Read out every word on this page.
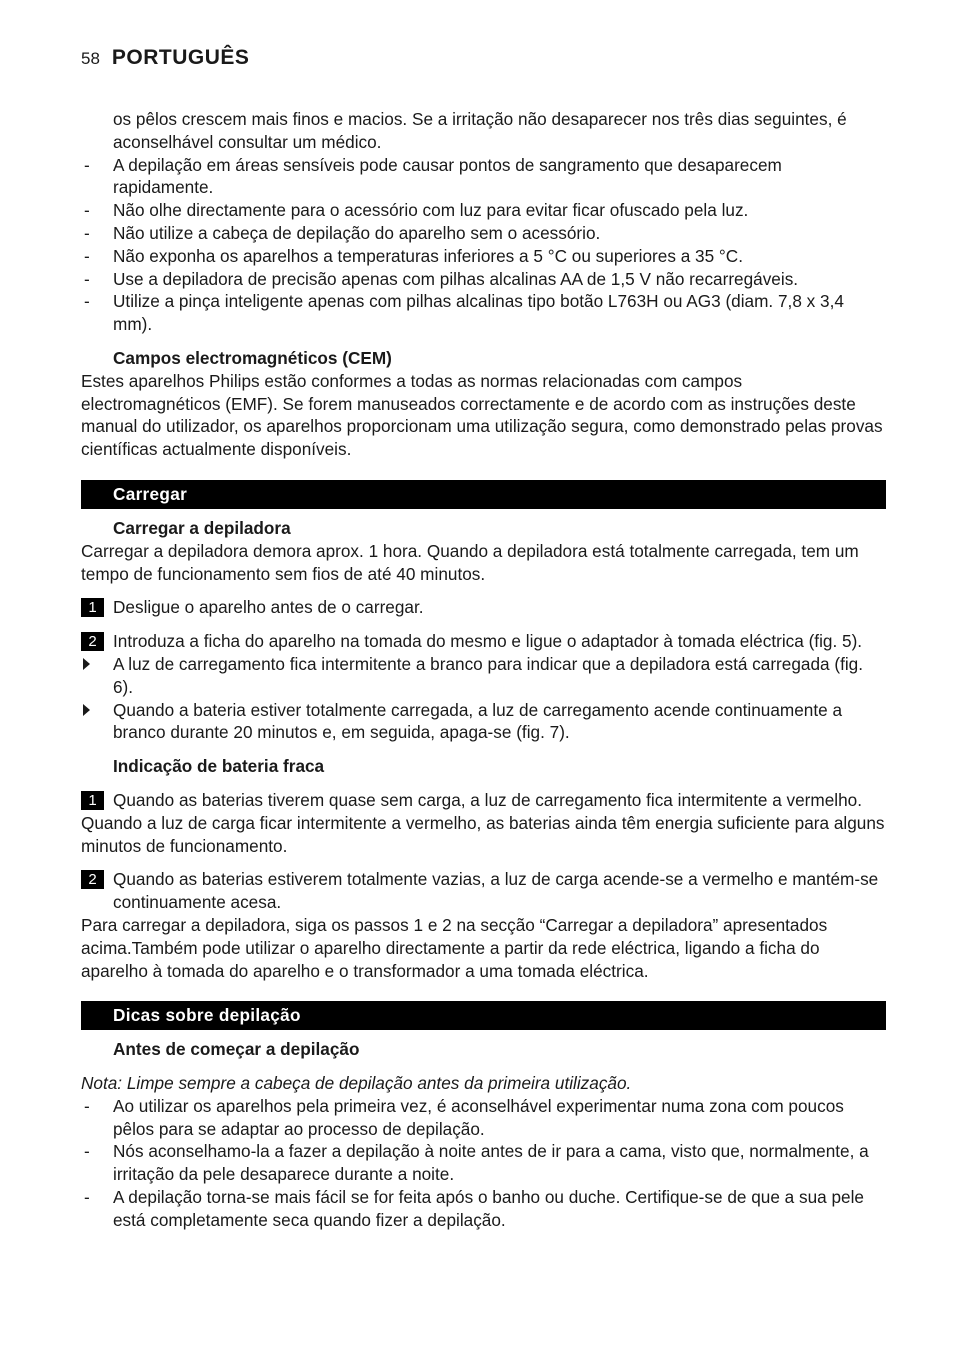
58 PORTUGUÊS

os pêlos crescem mais finos e macios. Se a irritação não desaparecer nos três dias seguintes, é aconselhável consultar um médico.

- A depilação em áreas sensíveis pode causar pontos de sangramento que desaparecem rapidamente.
- Não olhe directamente para o acessório com luz para evitar ficar ofuscado pela luz.
- Não utilize a cabeça de depilação do aparelho sem o acessório.
- Não exponha os aparelhos a temperaturas inferiores a 5 °C ou superiores a 35 °C.
- Use a depiladora de precisão apenas com pilhas alcalinas AA de 1,5 V não recarregáveis.
- Utilize a pinça inteligente apenas com pilhas alcalinas tipo botão L763H ou AG3 (diam. 7,8 x 3,4 mm).

Campos electromagnéticos (CEM)

Estes aparelhos Philips estão conformes a todas as normas relacionadas com campos electromagnéticos (EMF). Se forem manuseados correctamente e de acordo com as instruções deste manual do utilizador, os aparelhos proporcionam uma utilização segura, como demonstrado pelas provas científicas actualmente disponíveis.

Carregar

Carregar a depiladora

Carregar a depiladora demora aprox. 1 hora. Quando a depiladora está totalmente carregada, tem um tempo de funcionamento sem fios de até 40 minutos.

1 Desligue o aparelho antes de o carregar.
2 Introduza a ficha do aparelho na tomada do mesmo e ligue o adaptador à tomada eléctrica (fig. 5).
A luz de carregamento fica intermitente a branco para indicar que a depiladora está carregada (fig. 6).
Quando a bateria estiver totalmente carregada, a luz de carregamento acende continuamente a branco durante 20 minutos e, em seguida, apaga-se (fig. 7).

Indicação de bateria fraca

1 Quando as baterias tiverem quase sem carga, a luz de carregamento fica intermitente a vermelho.

Quando a luz de carga ficar intermitente a vermelho, as baterias ainda têm energia suficiente para alguns minutos de funcionamento.

2 Quando as baterias estiverem totalmente vazias, a luz de carga acende-se a vermelho e mantém-se continuamente acesa.

Para carregar a depiladora, siga os passos 1 e 2 na secção “Carregar a depiladora” apresentados acima.Também pode utilizar o aparelho directamente a partir da rede eléctrica, ligando a ficha do aparelho à tomada do aparelho e o transformador a uma tomada eléctrica.

Dicas sobre depilação

Antes de começar a depilação

Nota: Limpe sempre a cabeça de depilação antes da primeira utilização.

- Ao utilizar os aparelhos pela primeira vez, é aconselhável experimentar numa zona com poucos pêlos para se adaptar ao processo de depilação.
- Nós aconselhamo-la a fazer a depilação à noite antes de ir para a cama, visto que, normalmente, a irritação da pele desaparece durante a noite.
- A depilação torna-se mais fácil se for feita após o banho ou duche. Certifique-se de que a sua pele está completamente seca quando fizer a depilação.
